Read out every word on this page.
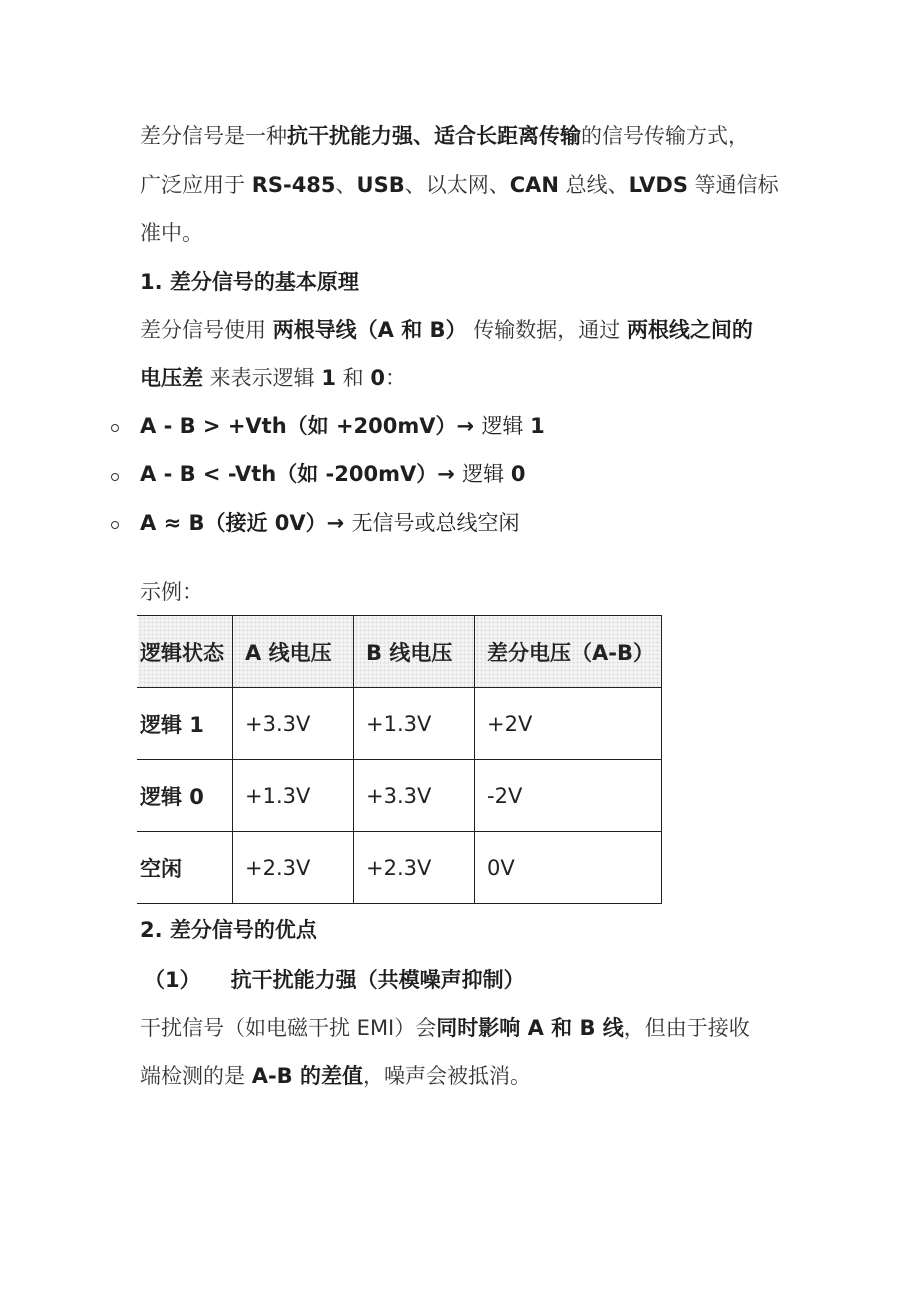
差分信号是一种抗干扰能力强、适合长距离传输的信号传输方式，
广泛应用于 RS-485、USB、以太网、CAN 总线、LVDS 等通信标
准中。
1. 差分信号的基本原理
差分信号使用 两根导线（A 和 B） 传输数据，通过 两根线之间的
电压差 来表示逻辑 1 和 0：
A - B > +Vth（如 +200mV）→ 逻辑 1
A - B < -Vth（如 -200mV）→ 逻辑 0
A ≈ B（接近 0V）→ 无信号或总线空闲
示例：
逻辑状态	A 线电压	B 线电压	差分电压（A-B）
逻辑 1	+3.3V	+1.3V	+2V
逻辑 0	+1.3V	+3.3V	-2V
空闲	+2.3V	+2.3V	0V
2. 差分信号的优点
（1） 抗干扰能力强（共模噪声抑制）
干扰信号（如电磁干扰 EMI）会同时影响 A 和 B 线，但由于接收
端检测的是 A-B 的差值，噪声会被抵消。
